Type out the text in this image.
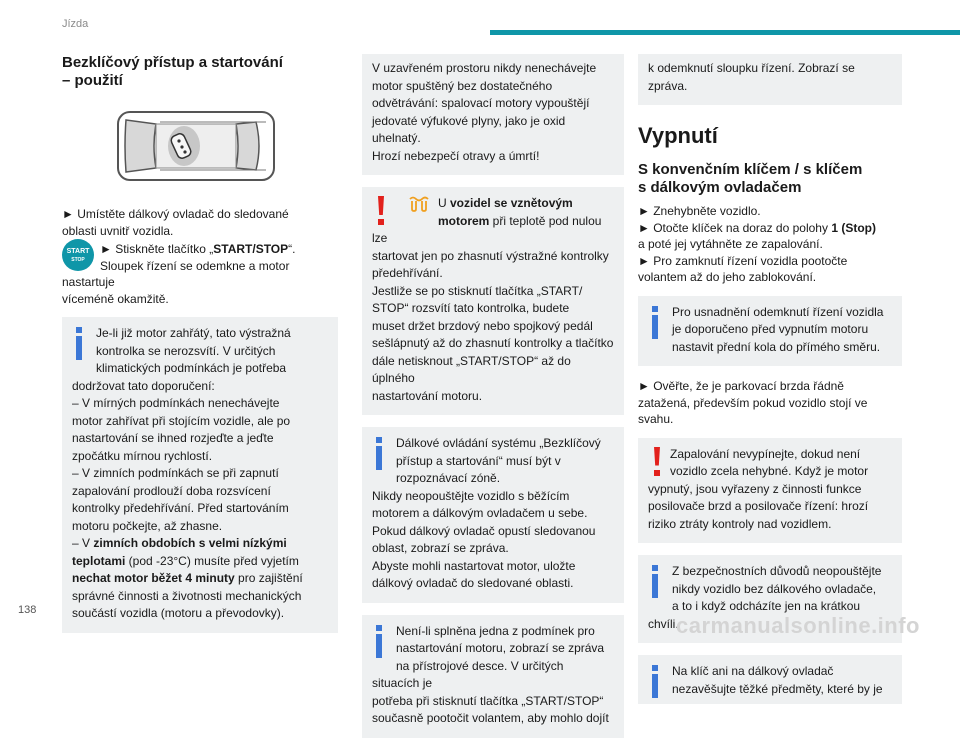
Jízda
Bezklíčový přístup a startování
– použití
► Umístěte dálkový ovladač do sledované
oblasti uvnitř vozidla.
START
STOP
► Stiskněte tlačítko „START/STOP“.
Sloupek řízení se odemkne a motor nastartuje
víceméně okamžitě.
Je-li již motor zahřátý, tato výstražná
kontrolka se nerozsvítí. V určitých
klimatických podmínkách je potřeba
dodržovat tato doporučení:
– V mírných podmínkách nenechávejte
motor zahřívat při stojícím vozidle, ale po
nastartování se ihned rozjeďte a jeďte
zpočátku mírnou rychlostí.
– V zimních podmínkách se při zapnutí
zapalování prodlouží doba rozsvícení
kontrolky předehřívání. Před startováním
motoru počkejte, až zhasne.
– V zimních obdobích s velmi nízkými
teplotami (pod -23°C) musíte před vyjetím
nechat motor běžet 4 minuty pro zajištění
správné činnosti a životnosti mechanických
součástí vozidla (motoru a převodovky).
V uzavřeném prostoru nikdy nenechávejte
motor spuštěný bez dostatečného
odvětrávání: spalovací motory vypouštějí
jedovaté výfukové plyny, jako je oxid uhelnatý.
Hrozí nebezpečí otravy a úmrtí!
U vozidel se vznětovým
motorem při teplotě pod nulou lze
startovat jen po zhasnutí výstražné kontrolky
předehřívání.
Jestliže se po stisknutí tlačítka „START/
STOP“ rozsvítí tato kontrolka, budete
muset držet brzdový nebo spojkový pedál
sešlápnutý až do zhasnutí kontrolky a tlačítko
dále netisknout „START/STOP“ až do úplného
nastartování motoru.
Dálkové ovládání systému „Bezklíčový
přístup a startování“ musí být v
rozpoznávací zóně.
Nikdy neopouštějte vozidlo s běžícím
motorem a dálkovým ovladačem u sebe.
Pokud dálkový ovladač opustí sledovanou
oblast, zobrazí se zpráva.
Abyste mohli nastartovat motor, uložte
dálkový ovladač do sledované oblasti.
Není-li splněna jedna z podmínek pro
nastartování motoru, zobrazí se zpráva
na přístrojové desce. V určitých situacích je
potřeba při stisknutí tlačítka „START/STOP“
současně pootočit volantem, aby mohlo dojít
k odemknutí sloupku řízení. Zobrazí se
zpráva.
Vypnutí
S konvenčním klíčem / s klíčem
s dálkovým ovladačem
► Znehybněte vozidlo.
► Otočte klíček na doraz do polohy 1 (Stop)
a poté jej vytáhněte ze zapalování.
► Pro zamknutí řízení vozidla pootočte
volantem až do jeho zablokování.
Pro usnadnění odemknutí řízení vozidla
je doporučeno před vypnutím motoru
nastavit přední kola do přímého směru.
► Ověřte, že je parkovací brzda řádně
zatažená, především pokud vozidlo stojí ve
svahu.
Zapalování nevypínejte, dokud není
vozidlo zcela nehybné. Když je motor
vypnutý, jsou vyřazeny z činnosti funkce
posilovače brzd a posilovače řízení: hrozí
riziko ztráty kontroly nad vozidlem.
Z bezpečnostních důvodů neopouštějte
nikdy vozidlo bez dálkového ovladače,
a to i když odcházíte jen na krátkou chvíli.
Na klíč ani na dálkový ovladač
nezavěšujte těžké předměty, které by je
138
carmanualsonline.info
